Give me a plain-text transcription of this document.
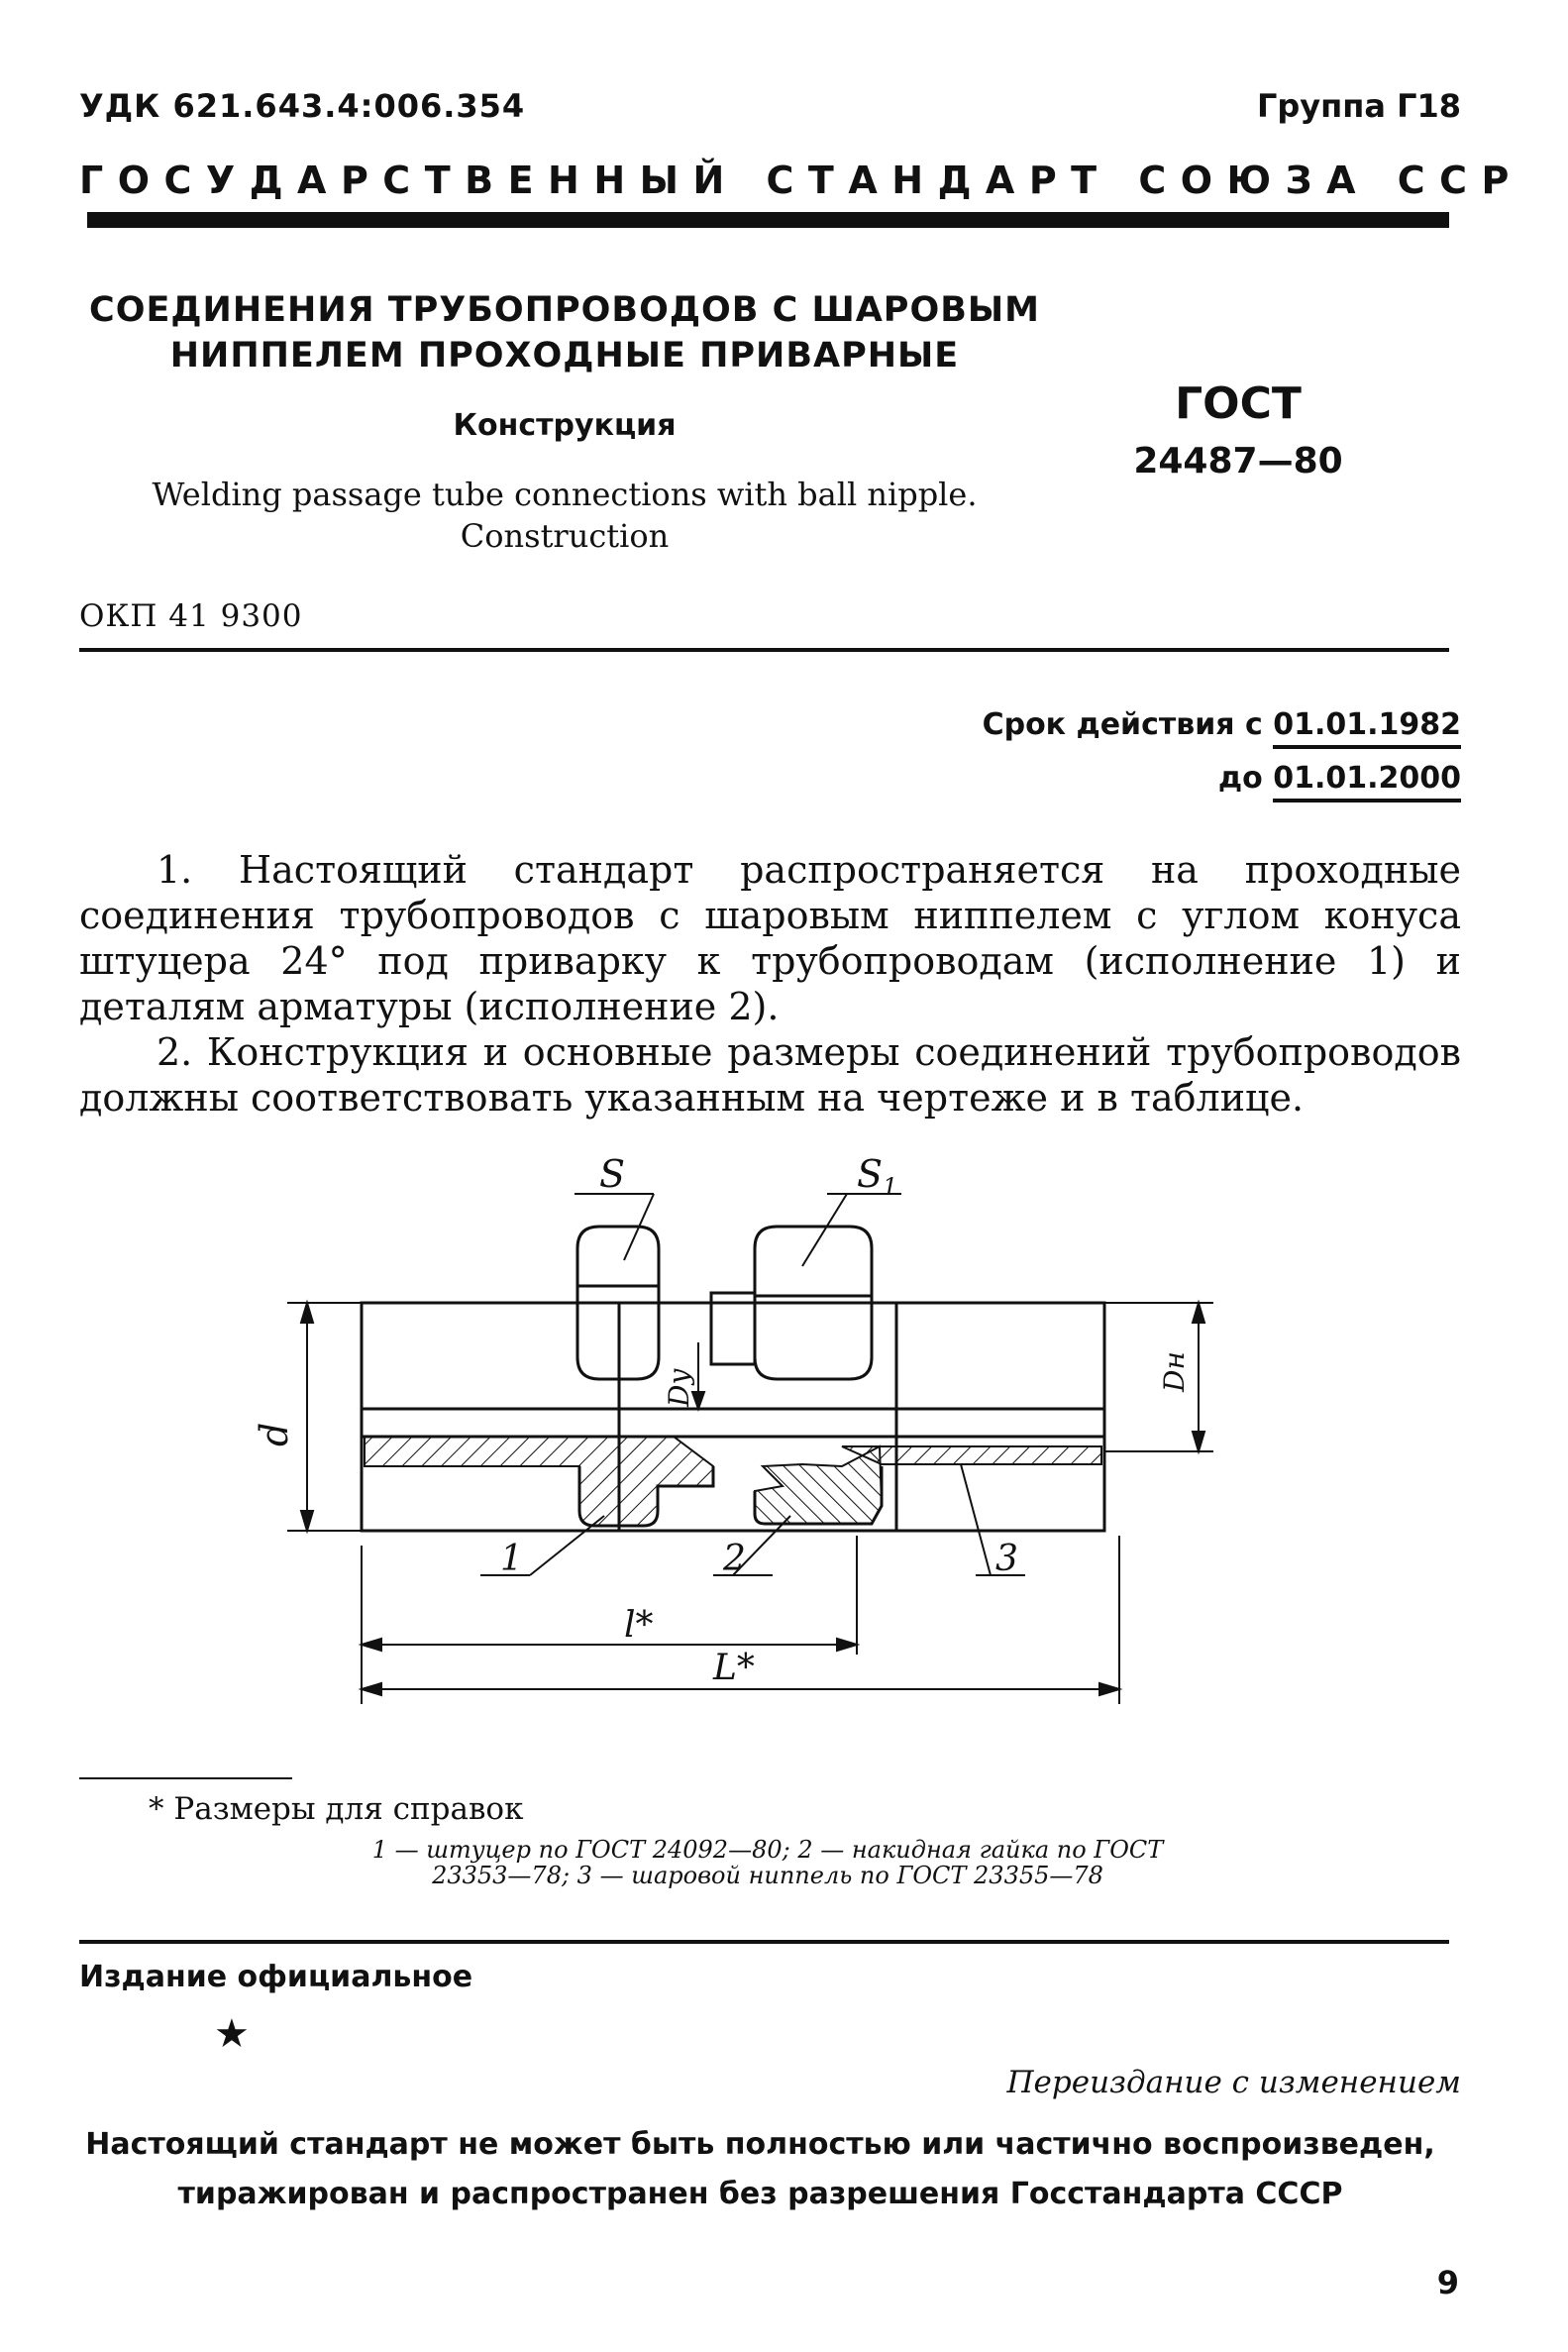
УДК 621.643.4:006.354	Группа Г18
ГОСУДАРСТВЕННЫЙ СТАНДАРТ СОЮЗА ССР
СОЕДИНЕНИЯ ТРУБОПРОВОДОВ С ШАРОВЫМ
НИППЕЛЕМ ПРОХОДНЫЕ ПРИВАРНЫЕ
Конструкция
Welding passage tube connections with ball nipple.
Construction
ГОСТ
24487—80
ОКП 41 9300
Срок действия с 01.01.1982
до 01.01.2000

1. Настоящий стандарт распространяется на проходные соединения трубопроводов с шаровым ниппелем с углом конуса штуцера 24° под приварку к трубопроводам (исполнение 1) и деталям арматуры (исполнение 2).

2. Конструкция и основные размеры соединений трубопроводов должны соответствовать указанным на чертеже и в таблице.

S	$S_1$
d
Dу	Dн
1	2	3
l*
L*
* Размеры для справок
1 — штуцер по ГОСТ 24092—80; 2 — накидная гайка по ГОСТ
23353—78; 3 — шаровой ниппель по ГОСТ 23355—78
Издание официальное
★
Переиздание с изменением
Настоящий стандарт не может быть полностью или частично воспроизведен,
тиражирован и распространен без разрешения Госстандарта СССР
9
